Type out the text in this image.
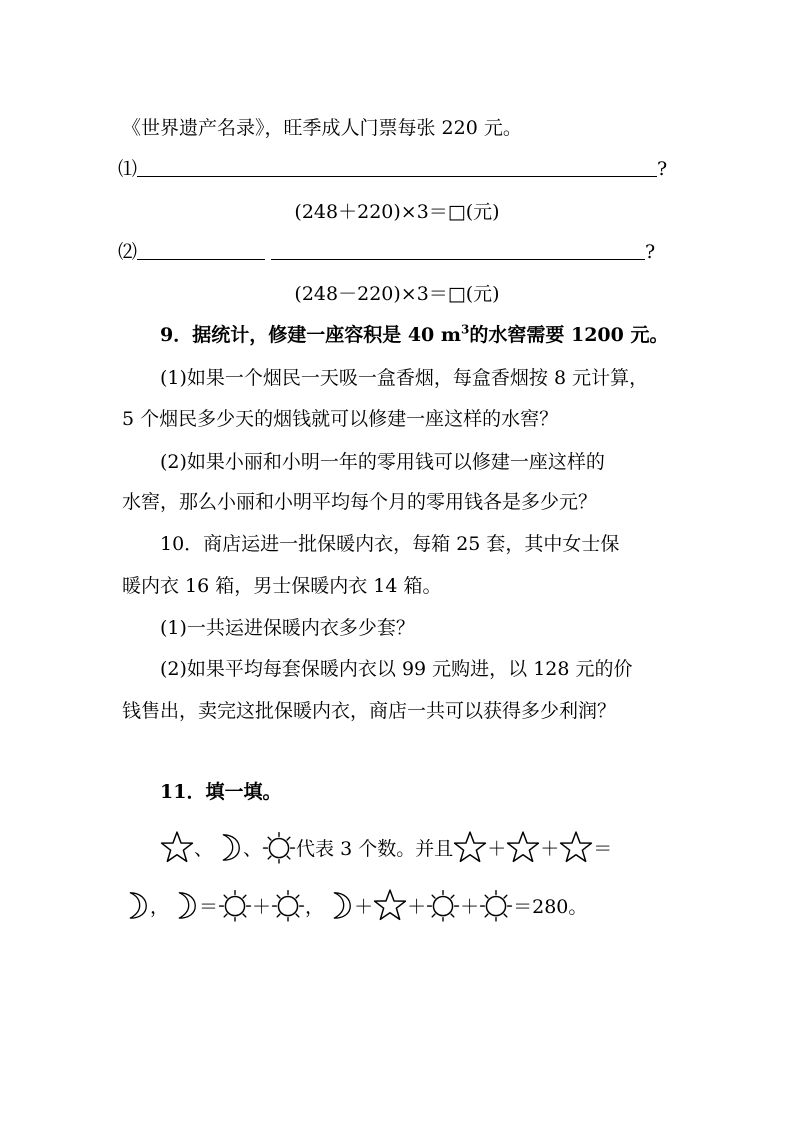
《世界遗产名录》，旺季成人门票每张 220 元。
⑴	?
(248＋220)×3＝□(元)
⑵	?
(248－220)×3＝□(元)
9．据统计，修建一座容积是 40 $m^3$的水窖需要 1200 元。
(1)如果一个烟民一天吸一盒香烟，每盒香烟按 8 元计算，
5 个烟民多少天的烟钱就可以修建一座这样的水窖？
(2)如果小丽和小明一年的零用钱可以修建一座这样的
水窖，那么小丽和小明平均每个月的零用钱各是多少元？
10．商店运进一批保暖内衣，每箱 25 套，其中女士保
暖内衣 16 箱，男士保暖内衣 14 箱。
(1)一共运进保暖内衣多少套？
(2)如果平均每套保暖内衣以 99 元购进，以 128 元的价
钱售出，卖完这批保暖内衣，商店一共可以获得多少利润？
11．填一填。
、 、 代表 3 个数。并且 ＋ ＋ ＝
， ＝ ＋ ， ＋ ＋ ＋ ＝280。
